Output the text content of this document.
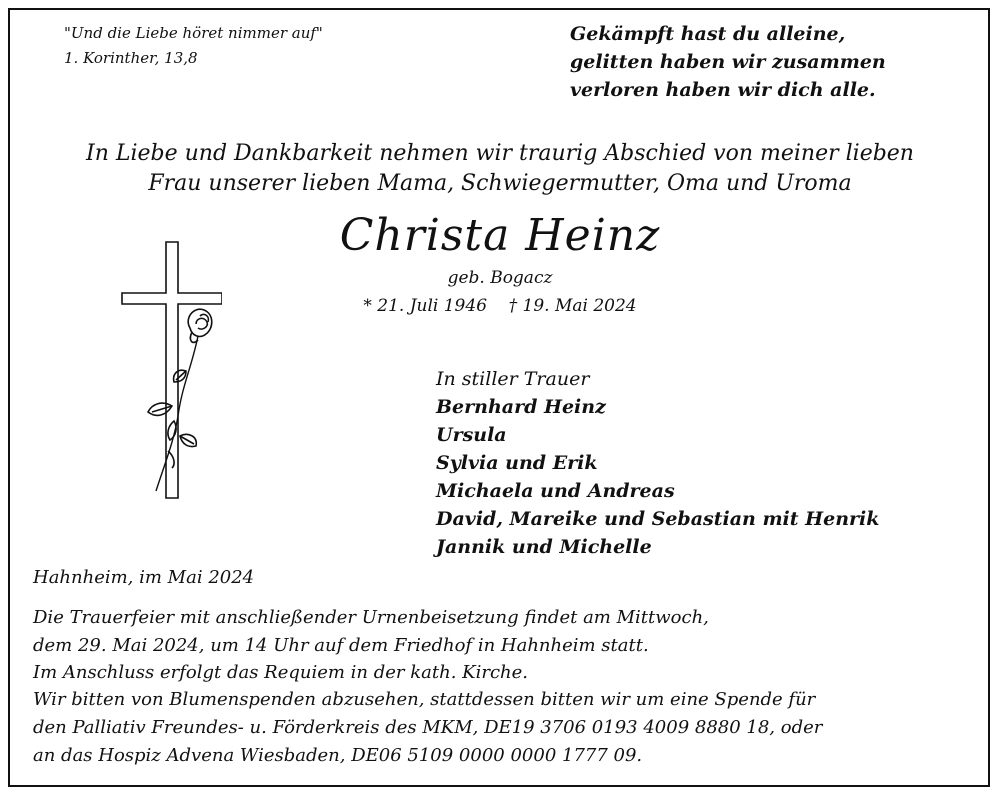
"Und die Liebe höret nimmer auf"
1. Korinther, 13,8
Gekämpft hast du alleine,
gelitten haben wir zusammen
verloren haben wir dich alle.
In Liebe und Dankbarkeit nehmen wir traurig Abschied von meiner lieben
Frau unserer lieben Mama, Schwiegermutter, Oma und Uroma
Christa Heinz
geb. Bogacz
* 21. Juli 1946    † 19. Mai 2024
In stiller Trauer
Bernhard Heinz
Ursula
Sylvia und Erik
Michaela und Andreas
David, Mareike und Sebastian mit Henrik
Jannik und Michelle
Hahnheim, im Mai 2024
Die Trauerfeier mit anschließender Urnenbeisetzung findet am Mittwoch,
dem 29. Mai 2024, um 14 Uhr auf dem Friedhof in Hahnheim statt.
Im Anschluss erfolgt das Requiem in der kath. Kirche.
Wir bitten von Blumenspenden abzusehen, stattdessen bitten wir um eine Spende für
den Palliativ Freundes- u. Förderkreis des MKM, DE19 3706 0193 4009 8880 18, oder
an das Hospiz Advena Wiesbaden, DE06 5109 0000 0000 1777 09.
